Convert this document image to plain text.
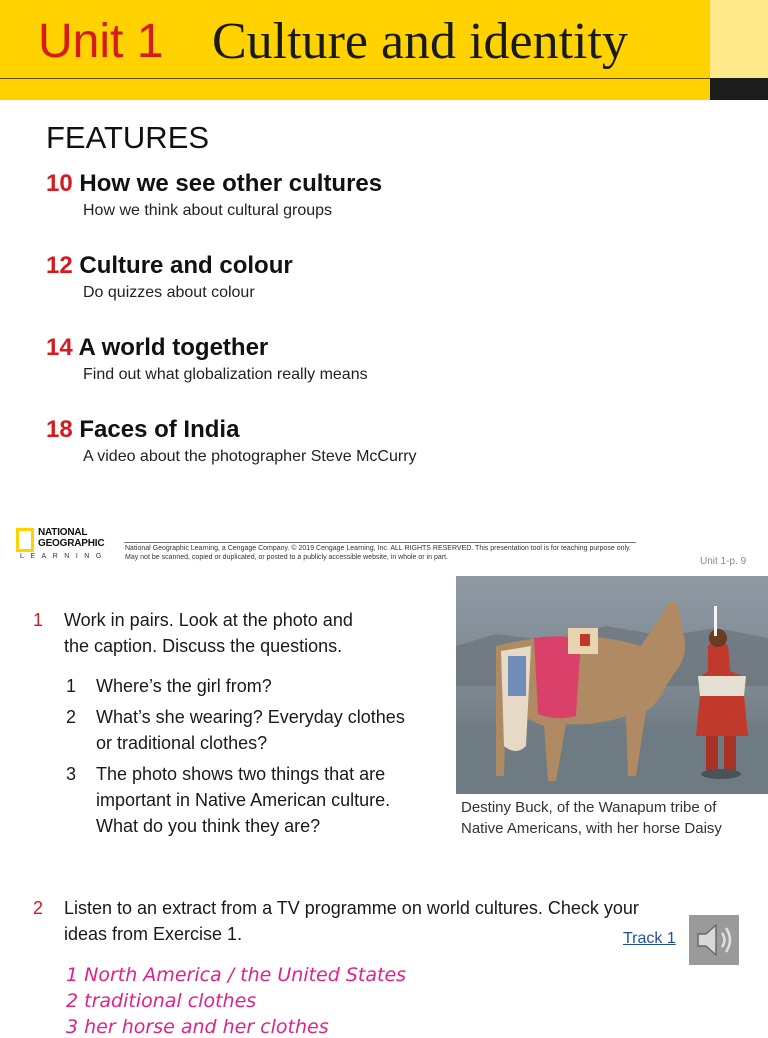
Unit 1 Culture and identity
FEATURES
10 How we see other cultures
How we think about cultural groups
12 Culture and colour
Do quizzes about colour
14 A world together
Find out what globalization really means
18 Faces of India
A video about the photographer Steve McCurry
NATIONAL
GEOGRAPHIC
LEARNING
National Geographic Learning, a Cengage Company. © 2019 Cengage Learning, Inc. ALL RIGHTS RESERVED. This presentation tool is for teaching purpose only. May not be scanned, copied or duplicated, or posted to a publicly accessible website, in whole or in part.	Unit 1-p. 9
1 Work in pairs. Look at the photo and
the caption. Discuss the questions.
1 Where’s the girl from?
2 What’s she wearing? Everyday clothes
or traditional clothes?
3 The photo shows two things that are
important in Native American culture.
What do you think they are?
Destiny Buck, of the Wanapum tribe of
Native Americans, with her horse Daisy
2 Listen to an extract from a TV programme on world cultures. Check your
ideas from Exercise 1.	Track 1
1 North America / the United States
2 traditional clothes
3 her horse and her clothes
